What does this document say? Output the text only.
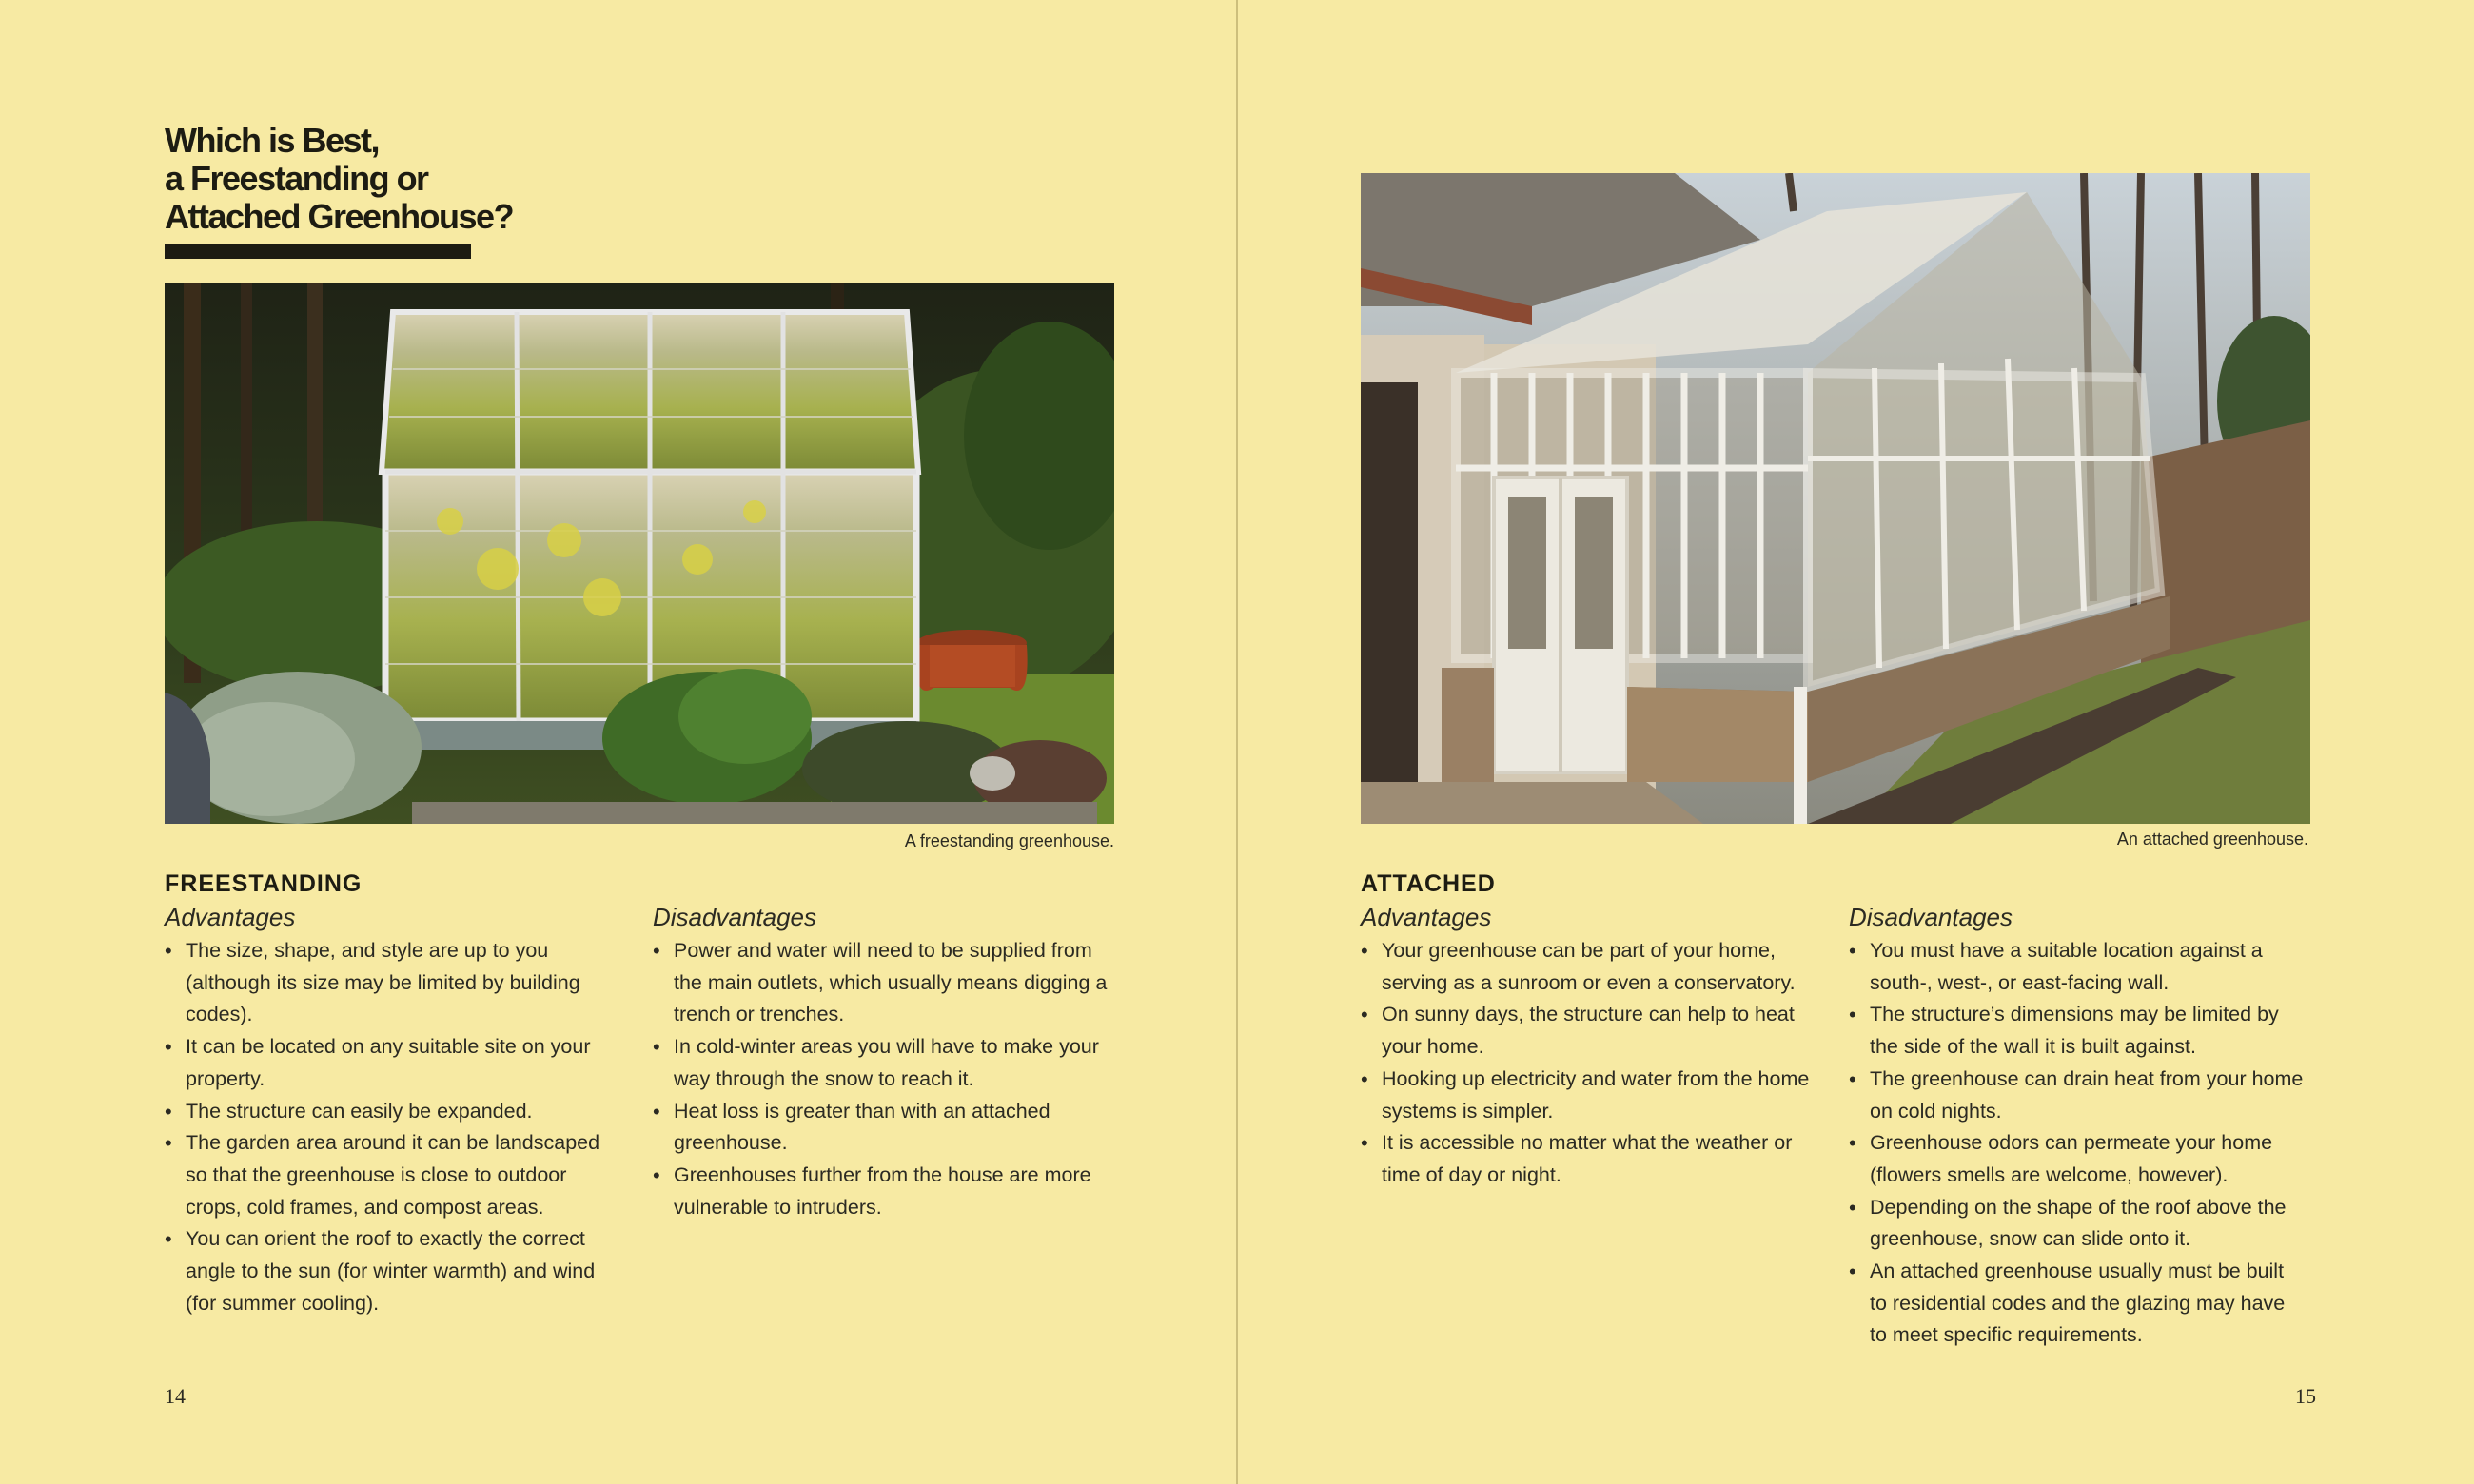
Which is Best,
a Freestanding or
Attached Greenhouse?
A freestanding greenhouse.
FREESTANDING
Advantages
• The size, shape, and style are up to you (although its size may be limited by building codes).
• It can be located on any suitable site on your property.
• The structure can easily be expanded.
• The garden area around it can be landscaped so that the greenhouse is close to outdoor crops, cold frames, and compost areas.
• You can orient the roof to exactly the correct angle to the sun (for winter warmth) and wind (for summer cooling).
Disadvantages
• Power and water will need to be supplied from the main outlets, which usually means digging a trench or trenches.
• In cold-winter areas you will have to make your way through the snow to reach it.
• Heat loss is greater than with an attached greenhouse.
• Greenhouses further from the house are more vulnerable to intruders.
14
An attached greenhouse.
ATTACHED
Advantages
• Your greenhouse can be part of your home, serving as a sunroom or even a conservatory.
• On sunny days, the structure can help to heat your home.
• Hooking up electricity and water from the home systems is simpler.
• It is accessible no matter what the weather or time of day or night.
Disadvantages
• You must have a suitable location against a south-, west-, or east-facing wall.
• The structure’s dimensions may be limited by the side of the wall it is built against.
• The greenhouse can drain heat from your home on cold nights.
• Greenhouse odors can permeate your home (flowers smells are welcome, however).
• Depending on the shape of the roof above the greenhouse, snow can slide onto it.
• An attached greenhouse usually must be built to residential codes and the glazing may have to meet specific requirements.
15
